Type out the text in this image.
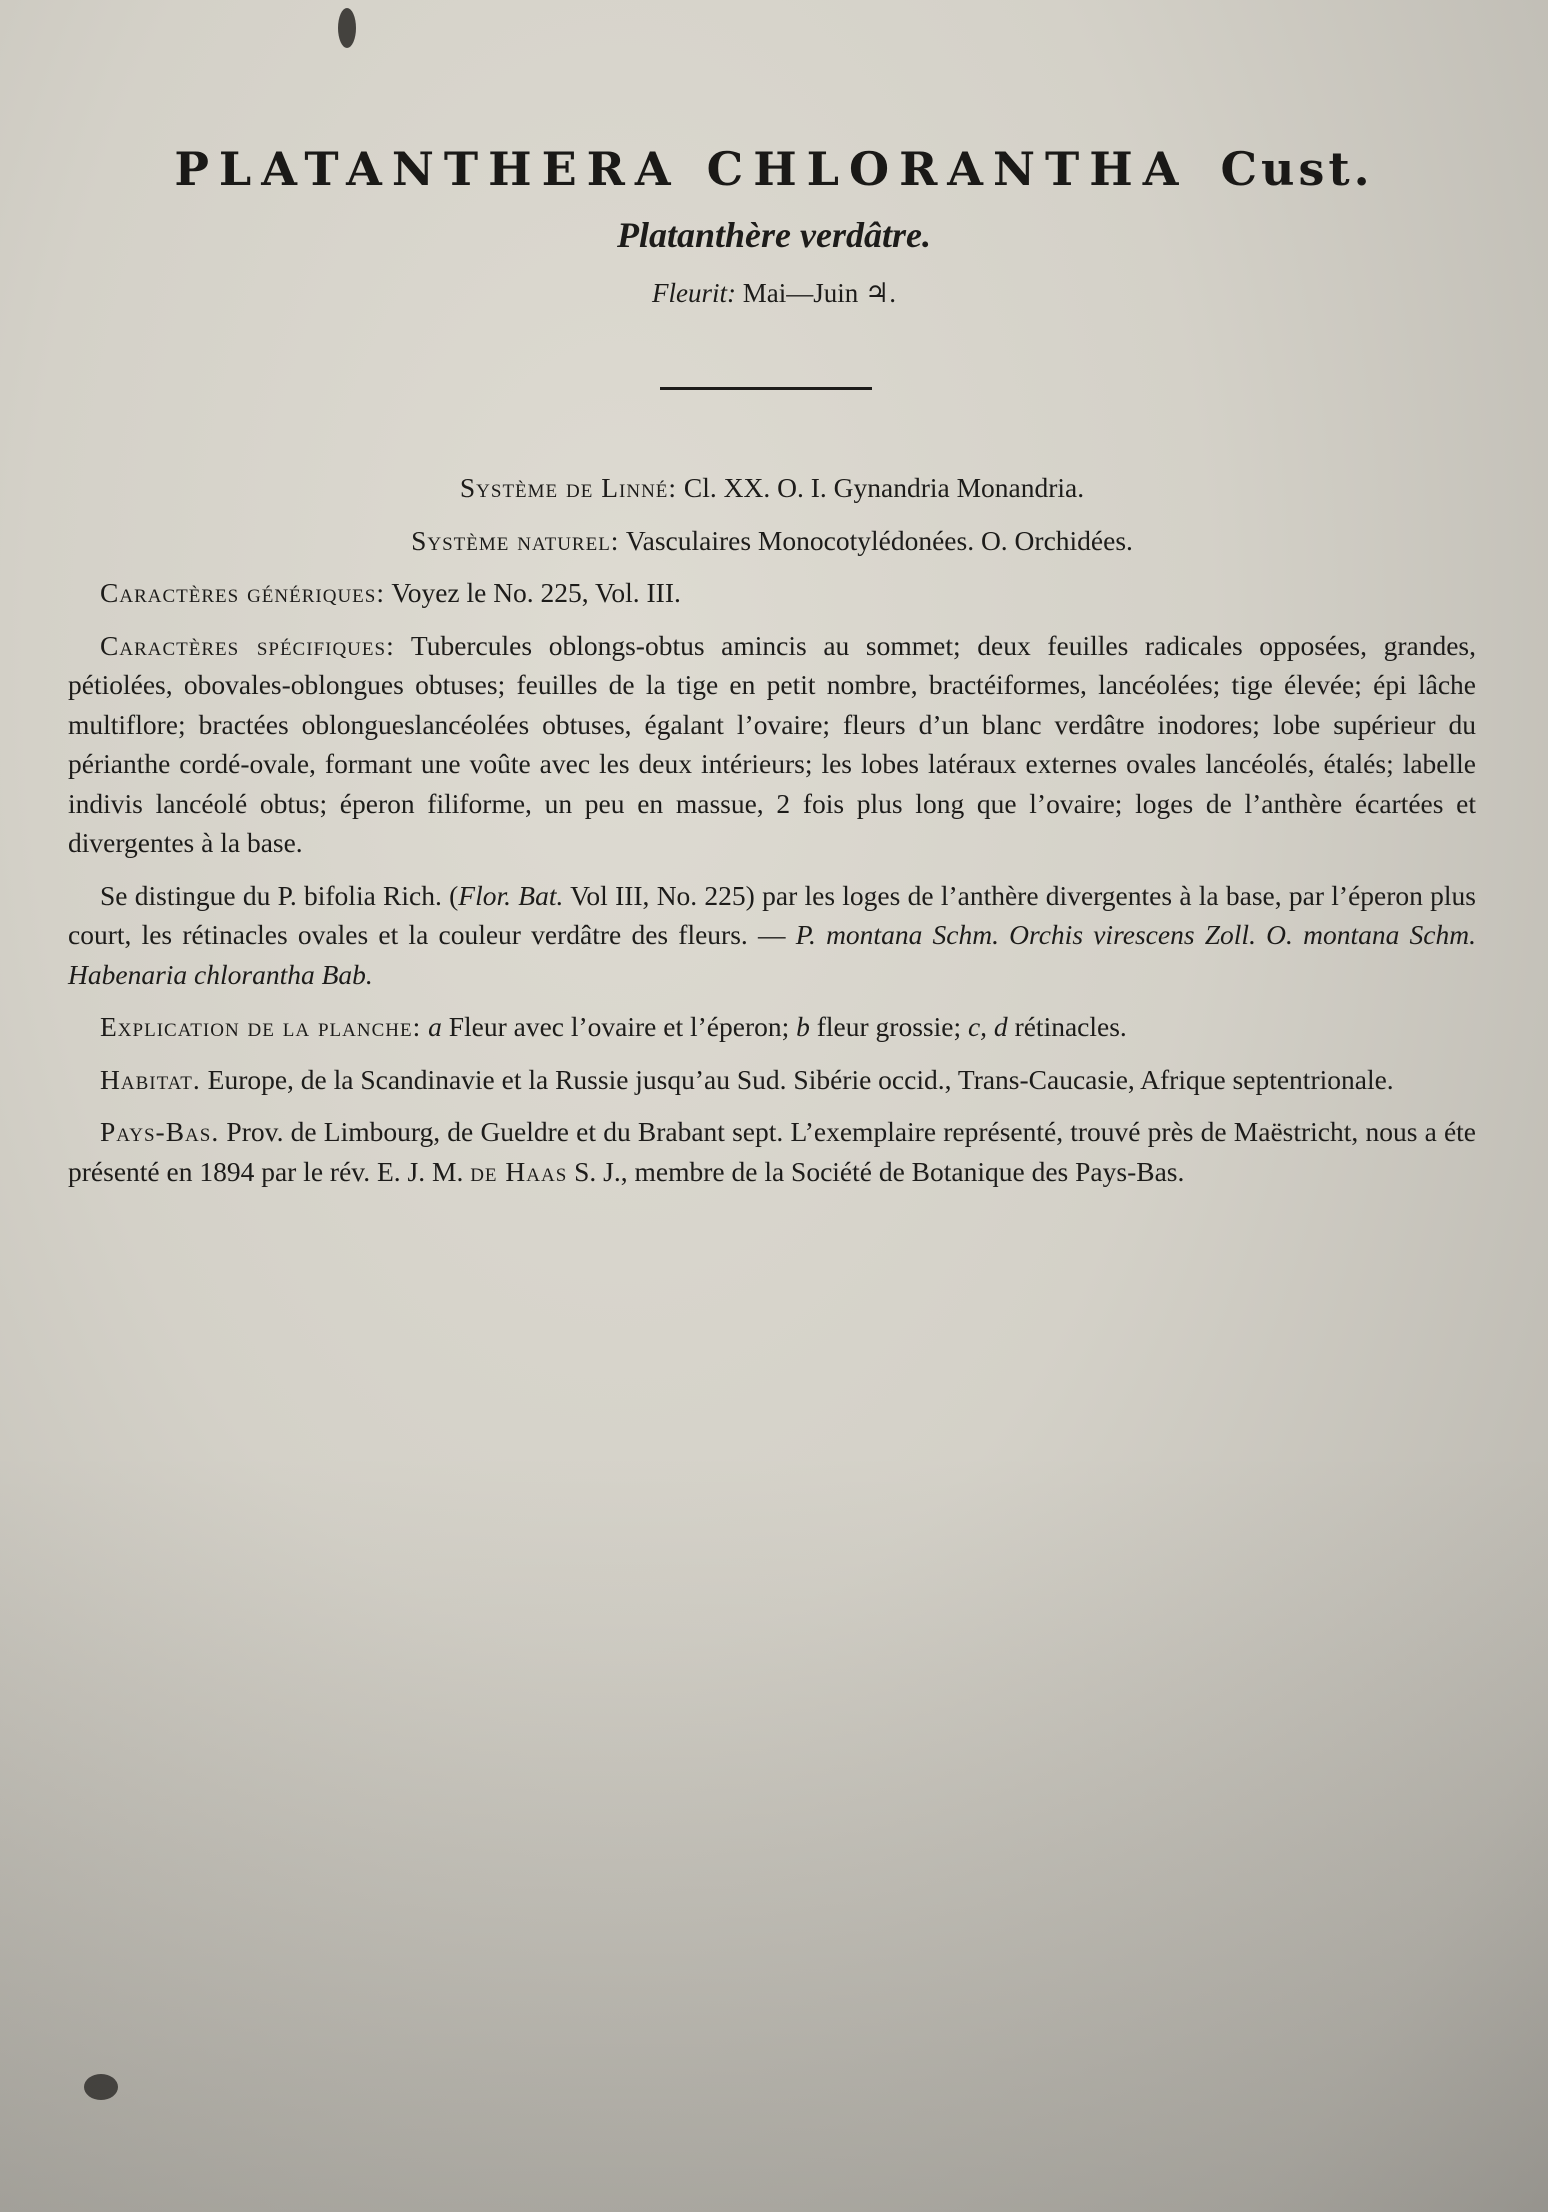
PLATANTHERA CHLORANTHA Cust.
Platanthère verdâtre.

Fleurit: Mai—Juin ♃.

Système de Linné: Cl. XX. O. I. Gynandria Monandria.

Système naturel: Vasculaires Monocotylédonées. O. Orchidées.

Caractères génériques: Voyez le No. 225, Vol. III.

Caractères spécifiques: Tubercules oblongs-obtus amincis au sommet; deux feuilles radicales opposées, grandes, pétiolées, obovales-oblongues obtuses; feuilles de la tige en petit nombre, bractéiformes, lancéolées; tige élevée; épi lâche multiflore; bractées oblongueslancéolées obtuses, égalant l’ovaire; fleurs d’un blanc verdâtre inodores; lobe supérieur du périanthe cordé-ovale, formant une voûte avec les deux intérieurs; les lobes latéraux externes ovales lancéolés, étalés; labelle indivis lancéolé obtus; éperon filiforme, un peu en massue, 2 fois plus long que l’ovaire; loges de l’anthère écartées et divergentes à la base.

Se distingue du P. bifolia Rich. (Flor. Bat. Vol III, No. 225) par les loges de l’anthère divergentes à la base, par l’éperon plus court, les rétinacles ovales et la couleur verdâtre des fleurs. — P. montana Schm. Orchis virescens Zoll. O. montana Schm. Habenaria chlorantha Bab.

Explication de la planche: a Fleur avec l’ovaire et l’éperon; b fleur grossie; c, d rétinacles.

Habitat. Europe, de la Scandinavie et la Russie jusqu’au Sud. Sibérie occid., Trans-Caucasie, Afrique septentrionale.

Pays-Bas. Prov. de Limbourg, de Gueldre et du Brabant sept. L’exemplaire représenté, trouvé près de Maëstricht, nous a éte présenté en 1894 par le rév. E. J. M. de Haas S. J., membre de la Société de Botanique des Pays-Bas.
